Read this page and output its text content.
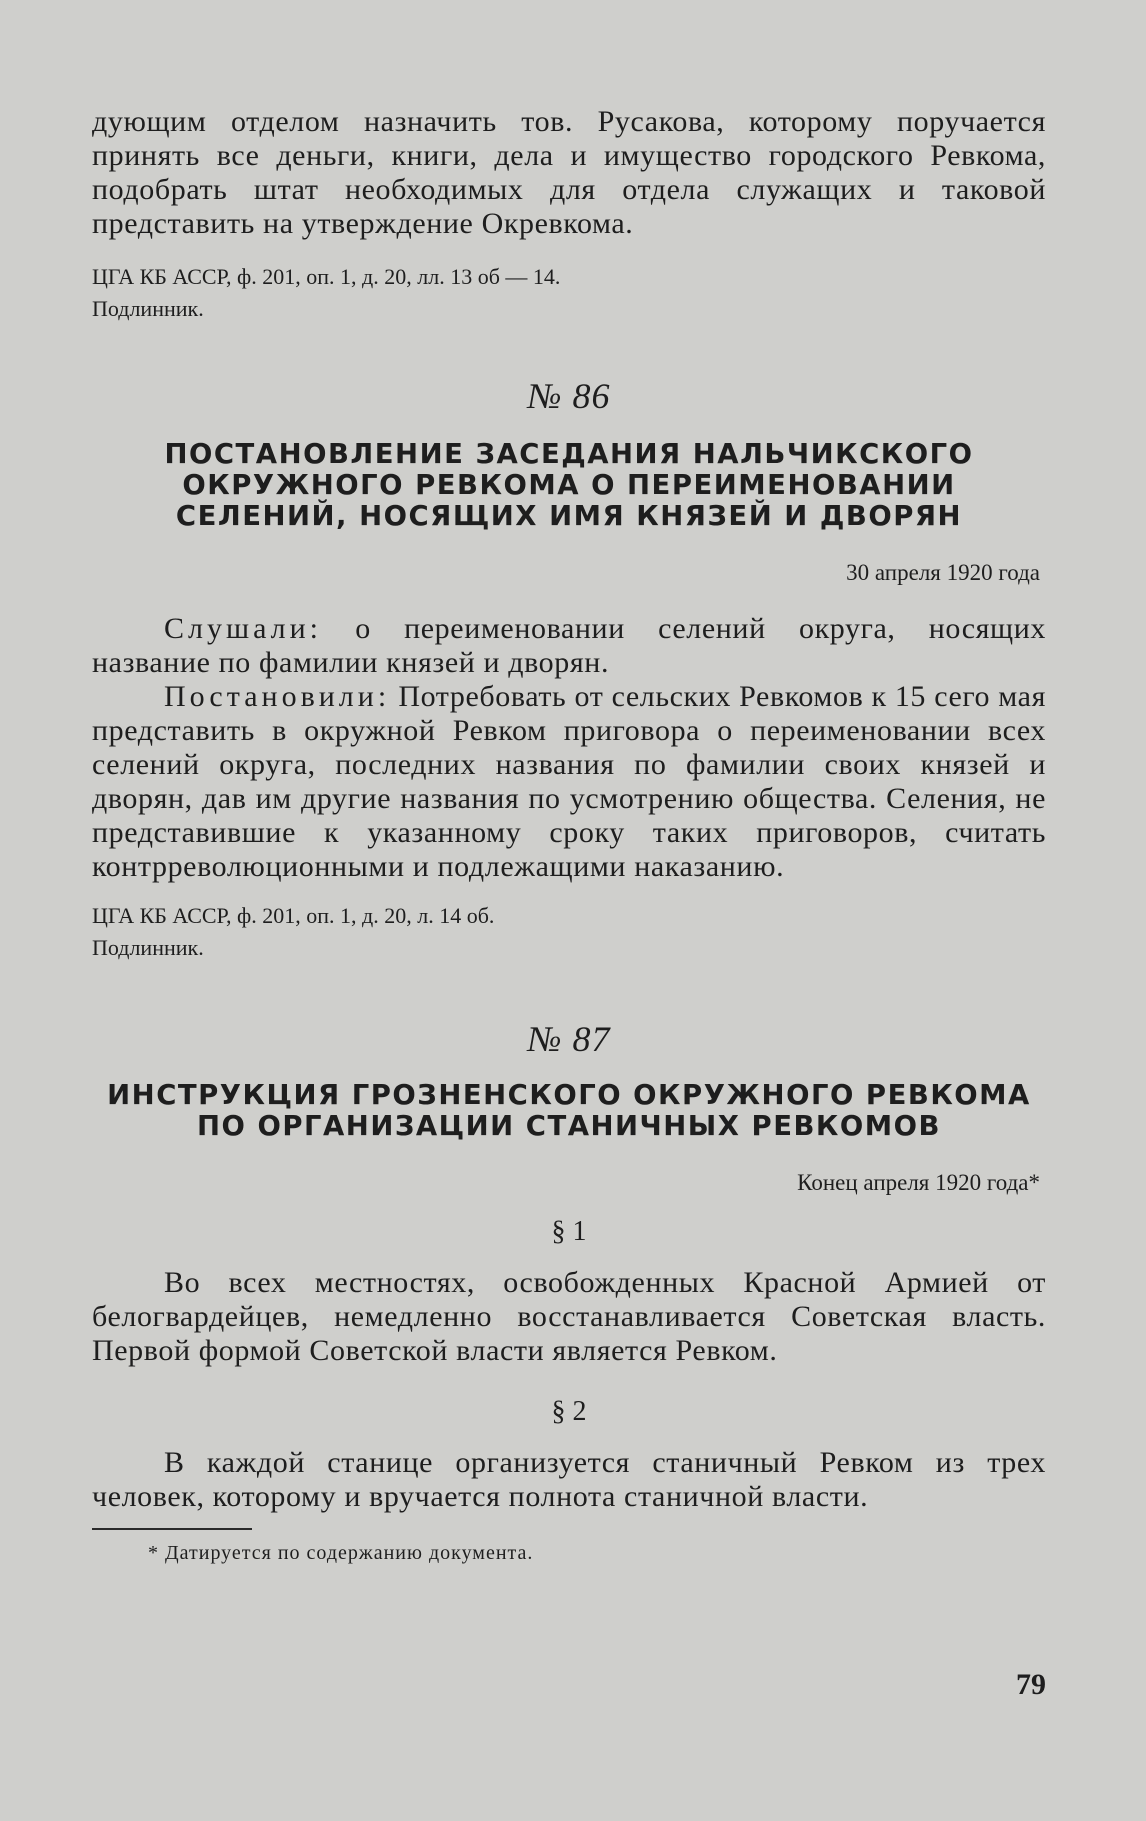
дующим отделом назначить тов. Русакова, которому поручается принять все деньги, книги, дела и имущество городского Ревкома, подобрать штат необходимых для отдела служащих и таковой представить на утверждение Окревкома.

ЦГА КБ АССР, ф. 201, оп. 1, д. 20, лл. 13 об — 14.
Подлинник.

№ 86

ПОСТАНОВЛЕНИЕ ЗАСЕДАНИЯ НАЛЬЧИКСКОГО ОКРУЖНОГО РЕВКОМА О ПЕРЕИМЕНОВАНИИ СЕЛЕНИЙ, НОСЯЩИХ ИМЯ КНЯЗЕЙ И ДВОРЯН

30 апреля 1920 года

Слушали: о переименовании селений округа, носящих название по фамилии князей и дворян.

Постановили: Потребовать от сельских Ревкомов к 15 сего мая представить в окружной Ревком приговора о переименовании всех селений округа, последних названия по фамилии своих князей и дворян, дав им другие названия по усмотрению общества. Селения, не представившие к указанному сроку таких приговоров, считать контрреволюционными и подлежащими наказанию.

ЦГА КБ АССР, ф. 201, оп. 1, д. 20, л. 14 об.
Подлинник.

№ 87

ИНСТРУКЦИЯ ГРОЗНЕНСКОГО ОКРУЖНОГО РЕВКОМА ПО ОРГАНИЗАЦИИ СТАНИЧНЫХ РЕВКОМОВ

Конец апреля 1920 года*

§ 1

Во всех местностях, освобожденных Красной Армией от белогвардейцев, немедленно восстанавливается Советская власть. Первой формой Советской власти является Ревком.

§ 2

В каждой станице организуется станичный Ревком из трех человек, которому и вручается полнота станичной власти.

* Датируется по содержанию документа.

79
